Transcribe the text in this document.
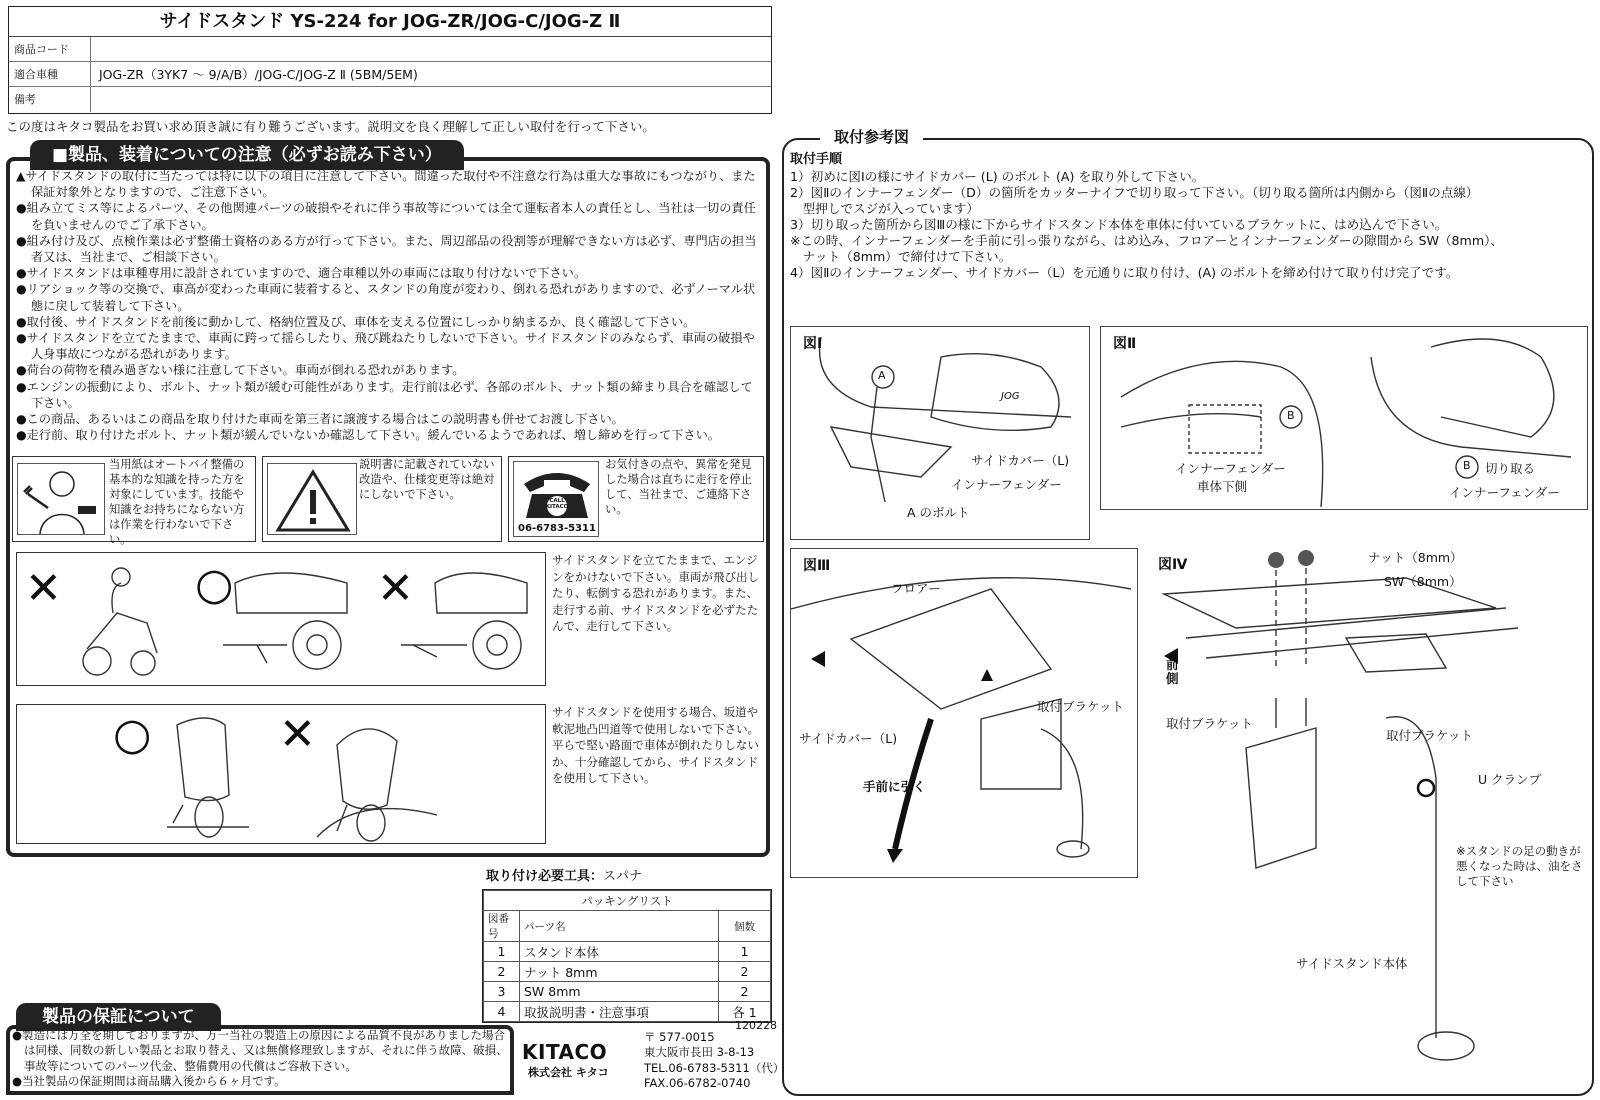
サイドスタンド YS-224 for JOG-ZR/JOG-C/JOG-Z Ⅱ
商品コード
適合車種	JOG-ZR（3YK7 ～ 9/A/B）/JOG-C/JOG-Z Ⅱ (5BM/5EM)
備考
この度はキタコ製品をお買い求め頂き誠に有り難うございます。説明文を良く理解して正しい取付を行って下さい。
■製品、装着についての注意（必ずお読み下さい）

▲サイドスタンドの取付に当たっては特に以下の項目に注意して下さい。間違った取付や不注意な行為は重大な事故にもつながり、また保証対象外となりますので、ご注意下さい。

●組み立てミス等によるパーツ、その他関連パーツの破損やそれに伴う事故等については全て運転者本人の責任とし、当社は一切の責任を負いませんのでご了承下さい。

●組み付け及び、点検作業は必ず整備士資格のある方が行って下さい。また、周辺部品の役割等が理解できない方は必ず、専門店の担当者又は、当社まで、ご相談下さい。

●サイドスタンドは車種専用に設計されていますので、適合車種以外の車両には取り付けないで下さい。

●リアショック等の交換で、車高が変わった車両に装着すると、スタンドの角度が変わり、倒れる恐れがありますので、必ずノーマル状態に戻して装着して下さい。

●取付後、サイドスタンドを前後に動かして、格納位置及び、車体を支える位置にしっかり納まるか、良く確認して下さい。

●サイドスタンドを立てたままで、車両に跨って揺らしたり、飛び跳ねたりしないで下さい。サイドスタンドのみならず、車両の破損や人身事故につながる恐れがあります。

●荷台の荷物を積み過ぎない様に注意して下さい。車両が倒れる恐れがあります。

●エンジンの振動により、ボルト、ナット類が緩む可能性があります。走行前は必ず、各部のボルト、ナット類の締まり具合を確認して下さい。

●この商品、あるいはこの商品を取り付けた車両を第三者に譲渡する場合はこの説明書も併せてお渡し下さい。

●走行前、取り付けたボルト、ナット類が緩んでいないか確認して下さい。緩んでいるようであれば、増し締めを行って下さい。

当用紙はオートバイ整備の基本的な知識を持った方を対象にしています。技能や知識をお持ちにならない方は作業を行わないで下さい。
説明書に記載されていない改造や、仕様変更等は絶対にしないで下さい。	CALL KITACO
06-6783-5311
お気付きの点や、異常を発見した場合は直ちに走行を停止して、当社まで、ご連絡下さい。
✕	○	✕
サイドスタンドを立てたままで、エンジンをかけないで下さい。車両が飛び出したり、転倒する恐れがあります。また、走行する前、サイドスタンドを必ずたたんで、走行して下さい。
○	✕	サイドスタンドを使用する場合、坂道や軟泥地凸凹道等で使用しないで下さい。平らで堅い路面で車体が倒れたりしないか、十分確認してから、サイドスタンドを使用して下さい。
取り付け必要工具：スパナ
パッキングリスト		
図番号	パーツ名	個数
1	スタンド本体	1
2	ナット 8mm	2
3	SW 8mm	2
4	取扱説明書・注意事項	各 1
120228
製品の保証について

●製造には万全を期しておりますが、万一当社の製造上の原因による品質不良がありました場合は同様、同数の新しい製品とお取り替え、又は無償修理致しますが、それに伴う故障、破損、事故等についてのパーツ代金、整備費用の代償はご容赦下さい。

●当社製品の保証期間は商品購入後から６ヶ月です。

KITACO
株式会社 キタコ
〒 577-0015
東大阪市長田 3-8-13
TEL.06-6783-5311（代）
FAX.06-6782-0740
取付参考図
取付手順

1）初めに図Ⅰの様にサイドカバー (L) のボルト (A) を取り外して下さい。

2）図Ⅱのインナーフェンダー（D）の箇所をカッターナイフで切り取って下さい。（切り取る箇所は内側から（図Ⅱの点線）

　型押しでスジが入っています）

3）切り取った箇所から図Ⅲの様に下からサイドスタンド本体を車体に付いているブラケットに、はめ込んで下さい。

※この時、インナーフェンダーを手前に引っ張りながら、はめ込み、フロアーとインナーフェンダーの隙間から SW（8mm）、

　ナット（8mm）で締付けて下さい。

4）図Ⅱのインナーフェンダー、サイドカバー（L）を元通りに取り付け、(A) のボルトを締め付けて取り付け完了です。

図Ⅰ
A
JOG
サイドカバー（L)
インナーフェンダー
A のボルト
図Ⅱ
B
インナーフェンダー
車体下側
B 切り取る
インナーフェンダー
図Ⅲ
フロアー
取付ブラケット
サイドカバー（L)
手前に引く
図Ⅳ	ナット（8mm）
SW（8mm）
前側
取付ブラケット
取付ブラケット
U クランプ
※スタンドの足の動きが悪くなった時は、油をさして下さい
サイドスタンド本体
